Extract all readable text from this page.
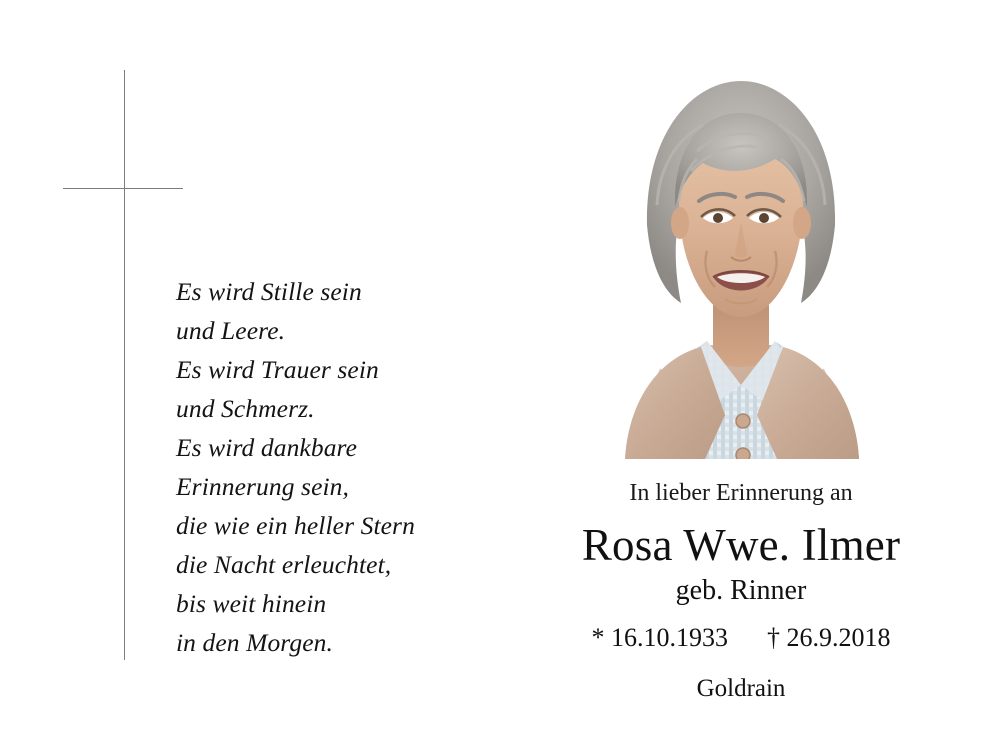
Es wird Stille sein
und Leere.
Es wird Trauer sein
und Schmerz.
Es wird dankbare
Erinnerung sein,
die wie ein heller Stern
die Nacht erleuchtet,
bis weit hinein
in den Morgen.
In lieber Erinnerung an
Rosa Wwe. Ilmer
geb. Rinner
* 16.10.1933 † 26.9.2018
Goldrain
